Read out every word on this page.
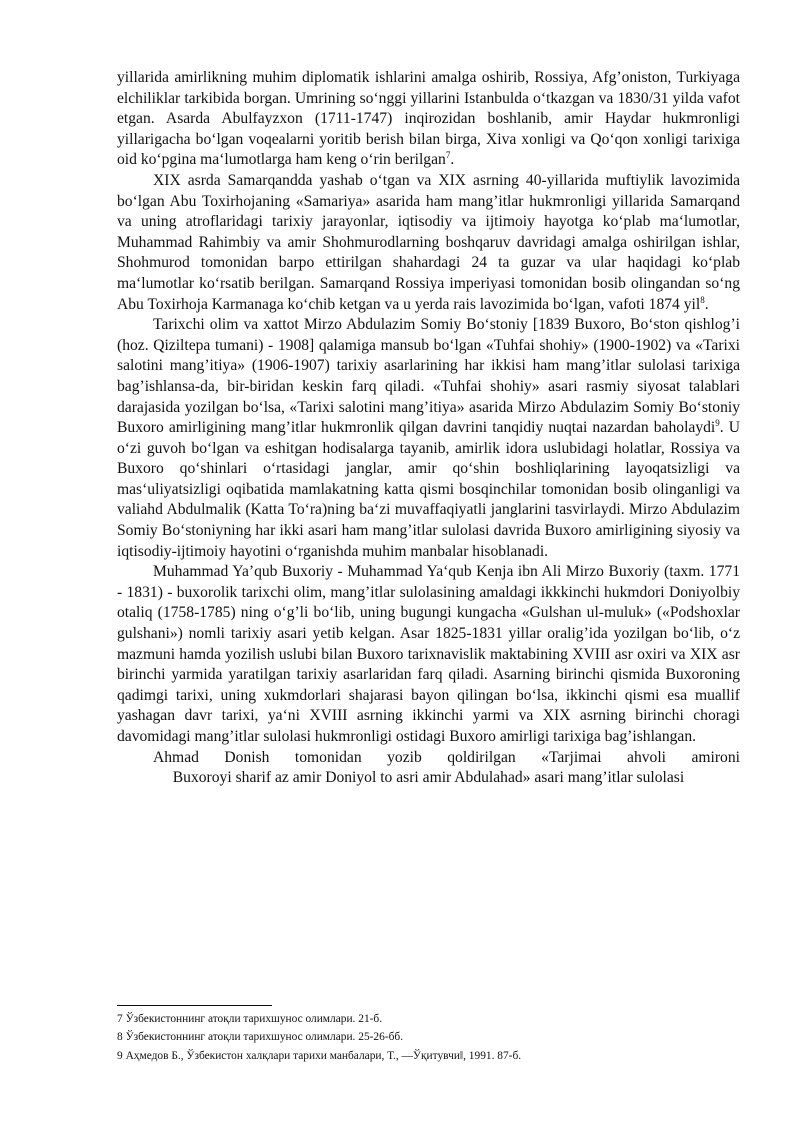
yillarida amirlikning muhim diplomatik ishlarini amalga oshirib, Rossiya, Afg’oniston, Turkiyaga elchiliklar tarkibida borgan. Umrining so‘nggi yillarini Istanbulda o‘tkazgan va 1830/31 yilda vafot etgan. Asarda Abulfayzxon (1711-1747) inqirozidan boshlanib, amir Haydar hukmronligi yillarigacha bo‘lgan voqealarni yoritib berish bilan birga, Xiva xonligi va Qo‘qon xonligi tarixiga oid ko‘pgina ma‘lumotlarga ham keng o‘rin berilgan$^7$.

XIX asrda Samarqandda yashab o‘tgan va XIX asrning 40-yillarida muftiylik lavozimida bo‘lgan Abu Toxirhojaning «Samariya» asarida ham mang’itlar hukmronligi yillarida Samarqand va uning atroflaridagi tarixiy jarayonlar, iqtisodiy va ijtimoiy hayotga ko‘plab ma‘lumotlar, Muhammad Rahimbiy va amir Shohmurodlarning boshqaruv davridagi amalga oshirilgan ishlar, Shohmurod tomonidan barpo ettirilgan shahardagi 24 ta guzar va ular haqidagi ko‘plab ma‘lumotlar ko‘rsatib berilgan. Samarqand Rossiya imperiyasi tomonidan bosib olingandan so‘ng Abu Toxirhoja Karmanaga ko‘chib ketgan va u yerda rais lavozimida bo‘lgan, vafoti 1874 yil$^8$.

Tarixchi olim va xattot Mirzo Abdulazim Somiy Bo‘stoniy [1839 Buxoro, Bo‘ston qishlog’i (hoz. Qiziltepa tumani) - 1908] qalamiga mansub bo‘lgan «Tuhfai shohiy» (1900-1902) va «Tarixi salotini mang’itiya» (1906-1907) tarixiy asarlarining har ikkisi ham mang’itlar sulolasi tarixiga bag’ishlansa-da, bir-biridan keskin farq qiladi. «Tuhfai shohiy» asari rasmiy siyosat talablari darajasida yozilgan bo‘lsa, «Tarixi salotini mang’itiya» asarida Mirzo Abdulazim Somiy Bo‘stoniy Buxoro amirligining mang’itlar hukmronlik qilgan davrini tanqidiy nuqtai nazardan baholaydi$^9$. U o‘zi guvoh bo‘lgan va eshitgan hodisalarga tayanib, amirlik idora uslubidagi holatlar, Rossiya va Buxoro qo‘shinlari o‘rtasidagi janglar, amir qo‘shin boshliqlarining layoqatsizligi va mas‘uliyatsizligi oqibatida mamlakatning katta qismi bosqinchilar tomonidan bosib olinganligi va valiahd Abdulmalik (Katta To‘ra)ning ba‘zi muvaffaqiyatli janglarini tasvirlaydi. Mirzo Abdulazim Somiy Bo‘stoniyning har ikki asari ham mang’itlar sulolasi davrida Buxoro amirligining siyosiy va iqtisodiy-ijtimoiy hayotini o‘rganishda muhim manbalar hisoblanadi.

Muhammad Ya’qub Buxoriy - Muhammad Ya‘qub Kenja ibn Ali Mirzo Buxoriy (taxm. 1771 - 1831) - buxorolik tarixchi olim, mang’itlar sulolasining amaldagi ikkkinchi hukmdori Doniyolbiy otaliq (1758-1785) ning o‘g’li bo‘lib, uning bugungi kungacha «Gulshan ul-muluk» («Podshoxlar gulshani») nomli tarixiy asari yetib kelgan. Asar 1825-1831 yillar oralig’ida yozilgan bo‘lib, o‘z mazmuni hamda yozilish uslubi bilan Buxoro tarixnavislik maktabining XVIII asr oxiri va XIX asr birinchi yarmida yaratilgan tarixiy asarlaridan farq qiladi. Asarning birinchi qismida Buxoroning qadimgi tarixi, uning xukmdorlari shajarasi bayon qilingan bo‘lsa, ikkinchi qismi esa muallif yashagan davr tarixi, ya‘ni XVIII asrning ikkinchi yarmi va XIX asrning birinchi choragi davomidagi mang’itlar sulolasi hukmronligi ostidagi Buxoro amirligi tarixiga bag’ishlangan.

Ahmad Donish tomonidan yozib qoldirilgan «Tarjimai ahvoli amironi

Buxoroyi sharif az amir Doniyol to asri amir Abdulahad» asari mang’itlar sulolasi

7 Ўзбекистоннинг атоқли тарихшунос олимлари. 21-б.

8 Ўзбекистоннинг атоқли тарихшунос олимлари. 25-26-бб.

9 Аҳмедов Б., Ўзбекистон халқлари тарихи манбалари, Т., ―Ўқитувчи‖, 1991. 87-б.
